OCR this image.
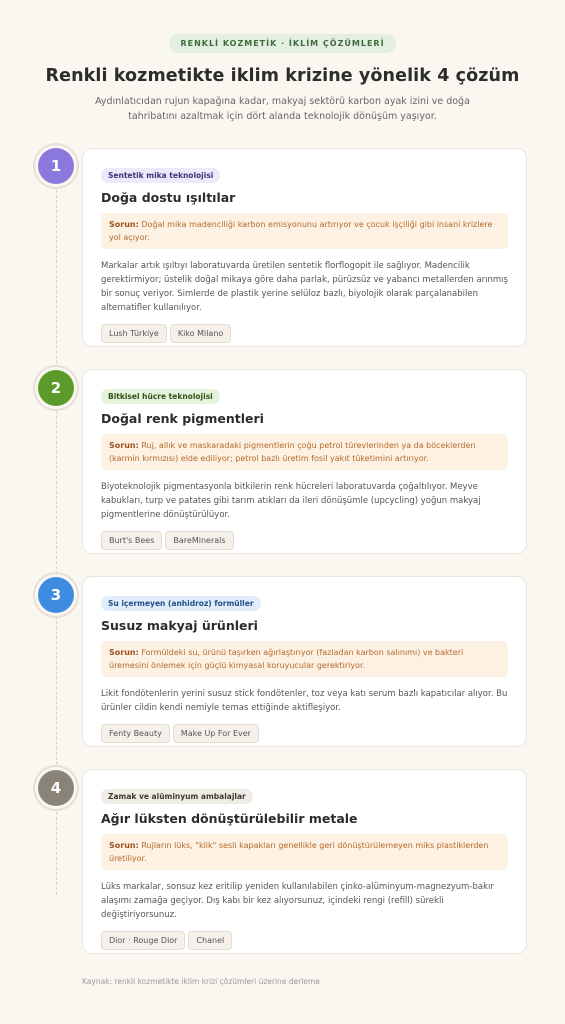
RENKLİ KOZMETİK · İKLİM ÇÖZÜMLERİ
Renkli kozmetikte iklim krizine yönelik 4 çözüm

Aydınlatıcıdan rujun kapağına kadar, makyaj sektörü karbon ayak izini ve doğa tahribatını azaltmak için dört alanda teknolojik dönüşüm yaşıyor.

1
Sentetik mika teknolojisi
Doğa dostu ışıltılar
Sorun: Doğal mika madenciliği karbon emisyonunu artırıyor ve çocuk işçiliği gibi insani krizlere yol açıyor.
Markalar artık ışıltıyı laboratuvarda üretilen sentetik florflogopit ile sağlıyor. Madencilik gerektirmiyor; üstelik doğal mikaya göre daha parlak, pürüzsüz ve yabancı metallerden arınmış bir sonuç veriyor. Simlerde de plastik yerine selüloz bazlı, biyolojik olarak parçalanabilen alternatifler kullanılıyor.
Lush Türkiye	Kiko Milano
2	Bitkisel hücre teknolojisi
Doğal renk pigmentleri
Sorun: Ruj, allık ve maskaradaki pigmentlerin çoğu petrol türevlerinden ya da böceklerden (karmin kırmızısı) elde ediliyor; petrol bazlı üretim fosil yakıt tüketimini artırıyor.
Biyoteknolojik pigmentasyonla bitkilerin renk hücreleri laboratuvarda çoğaltılıyor. Meyve kabukları, turp ve patates gibi tarım atıkları da ileri dönüşümle (upcycling) yoğun makyaj pigmentlerine dönüştürülüyor.
Burt's Bees	BareMinerals
3	Su içermeyen (anhidroz) formüller
Susuz makyaj ürünleri
Sorun: Formüldeki su, ürünü taşırken ağırlaştırıyor (fazladan karbon salınımı) ve bakteri üremesini önlemek için güçlü kimyasal koruyucular gerektiriyor.
Likit fondötenlerin yerini susuz stick fondötenler, toz veya katı serum bazlı kapatıcılar alıyor. Bu ürünler cildin kendi nemiyle temas ettiğinde aktifleşiyor.
Fenty Beauty	Make Up For Ever
4	Zamak ve alüminyum ambalajlar
Ağır lüksten dönüştürülebilir metale
Sorun: Rujların lüks, "klik" sesli kapakları genellikle geri dönüştürülemeyen miks plastiklerden üretiliyor.
Lüks markalar, sonsuz kez eritilip yeniden kullanılabilen çinko-alüminyum-magnezyum-bakır alaşımı zamağa geçiyor. Dış kabı bir kez alıyorsunuz, içindeki rengi (refill) sürekli değiştiriyorsunuz.
Dior · Rouge Dior	Chanel
Kaynak: renkli kozmetikte iklim krizi çözümleri üzerine derleme
